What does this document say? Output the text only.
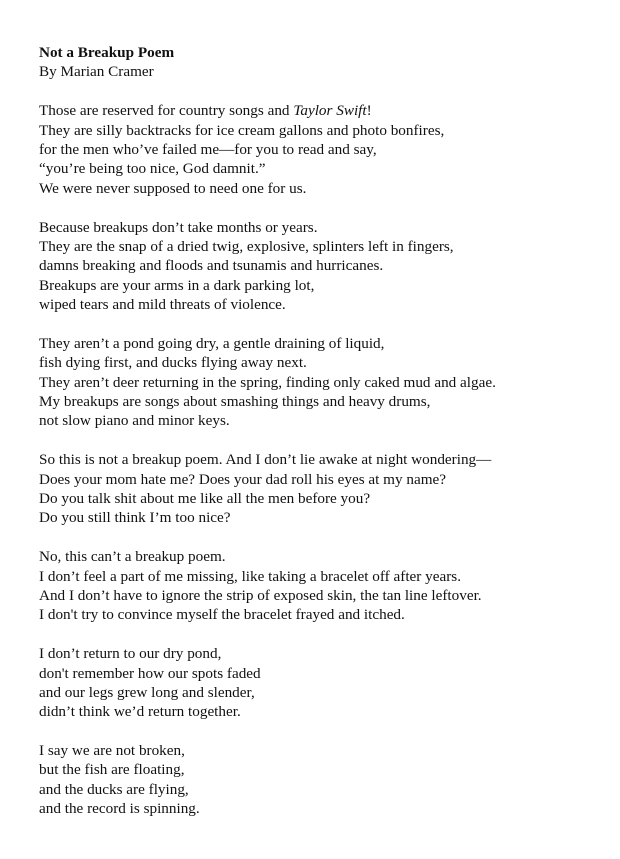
Not a Breakup Poem

By Marian Cramer

Those are reserved for country songs and Taylor Swift!
They are silly backtracks for ice cream gallons and photo bonfires,
for the men who’ve failed me—for you to read and say,
“you’re being too nice, God damnit.”
We were never supposed to need one for us.
Because breakups don’t take months or years.
They are the snap of a dried twig, explosive, splinters left in fingers,
damns breaking and floods and tsunamis and hurricanes.
Breakups are your arms in a dark parking lot,
wiped tears and mild threats of violence.
They aren’t a pond going dry, a gentle draining of liquid,
fish dying first, and ducks flying away next.
They aren’t deer returning in the spring, finding only caked mud and algae.
My breakups are songs about smashing things and heavy drums,
not slow piano and minor keys.
So this is not a breakup poem. And I don’t lie awake at night wondering—
Does your mom hate me? Does your dad roll his eyes at my name?
Do you talk shit about me like all the men before you?
Do you still think I’m too nice?
No, this can’t a breakup poem.
I don’t feel a part of me missing, like taking a bracelet off after years.
And I don’t have to ignore the strip of exposed skin, the tan line leftover.
I don't try to convince myself the bracelet frayed and itched.
I don’t return to our dry pond,
don't remember how our spots faded
and our legs grew long and slender,
didn’t think we’d return together.
I say we are not broken,
but the fish are floating,
and the ducks are flying,
and the record is spinning.
